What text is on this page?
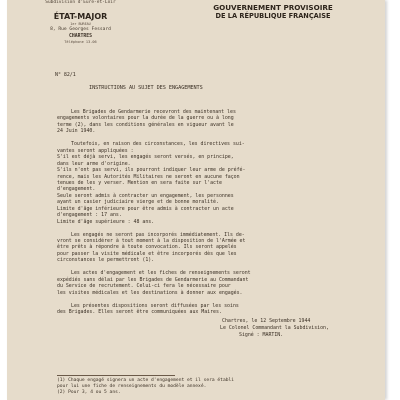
Subdivision d'Eure-et-Loir
ÉTAT-MAJOR
1er BUREAU
8, Rue Georges Fessard
CHARTRES
Téléphone 13-06
N° 82/1
GOUVERNEMENT PROVISOIRE
DE LA RÉPUBLIQUE FRANÇAISE
INSTRUCTIONS AU SUJET DES ENGAGEMENTS

Les Brigades de Gendarmerie recevront des maintenant les

engagements volontaires pour la durée de la guerre ou à long

terme (2), dans les conditions générales en vigueur avant le

24 Juin 1940.

Toutefois, en raison des circonstances, les directives sui-

vantes seront appliquées :

S'il est déjà servi, les engagés seront versés, en principe,

dans leur arme d'origine.

S'ils n'ont pas servi, ils pourront indiquer leur arme de préfé-

rence, mais les Autorités Militaires ne seront en aucune façon

tenues de les y verser. Mention en sera faite sur l'acte

d'engagement.

Seule seront admis à contracter un engagement, les personnes

ayant un casier judiciaire vierge et de bonne moralité.

Limite d'âge inférieure pour être admis à contracter un acte

d'engagement : 17 ans.

Limite d'âge supérieure : 48 ans.

Les engagés ne seront pas incorporés immédiatement. Ils de-

vront se considérer à tout moment à la disposition de l'Armée et

être prêts à répondre à toute convocation. Ils seront appelés

pour passer la visite médicale et être incorporés dès que les

circonstances le permettront (1).

Les actes d'engagement et les fiches de renseignements seront

expédiés sans délai par les Brigades de Gendarmerie au Commandant

du Service de recrutement. Celui-ci fera le nécessaire pour

les visites médicales et les destinations à donner aux engagés.

Les présentes dispositions seront diffusées par les soins

des Brigades. Elles seront être communiquées aux Maires.

Chartres, le 12 Septembre 1944
Le Colonel Commandant la Subdivision,
Signé : MARTIN.

(1) Chaque engagé signera un acte d'engagement et il sera établi

pour lui une fiche de renseignements du modèle annexé.

(2) Pour 3, 4 ou 5 ans.
